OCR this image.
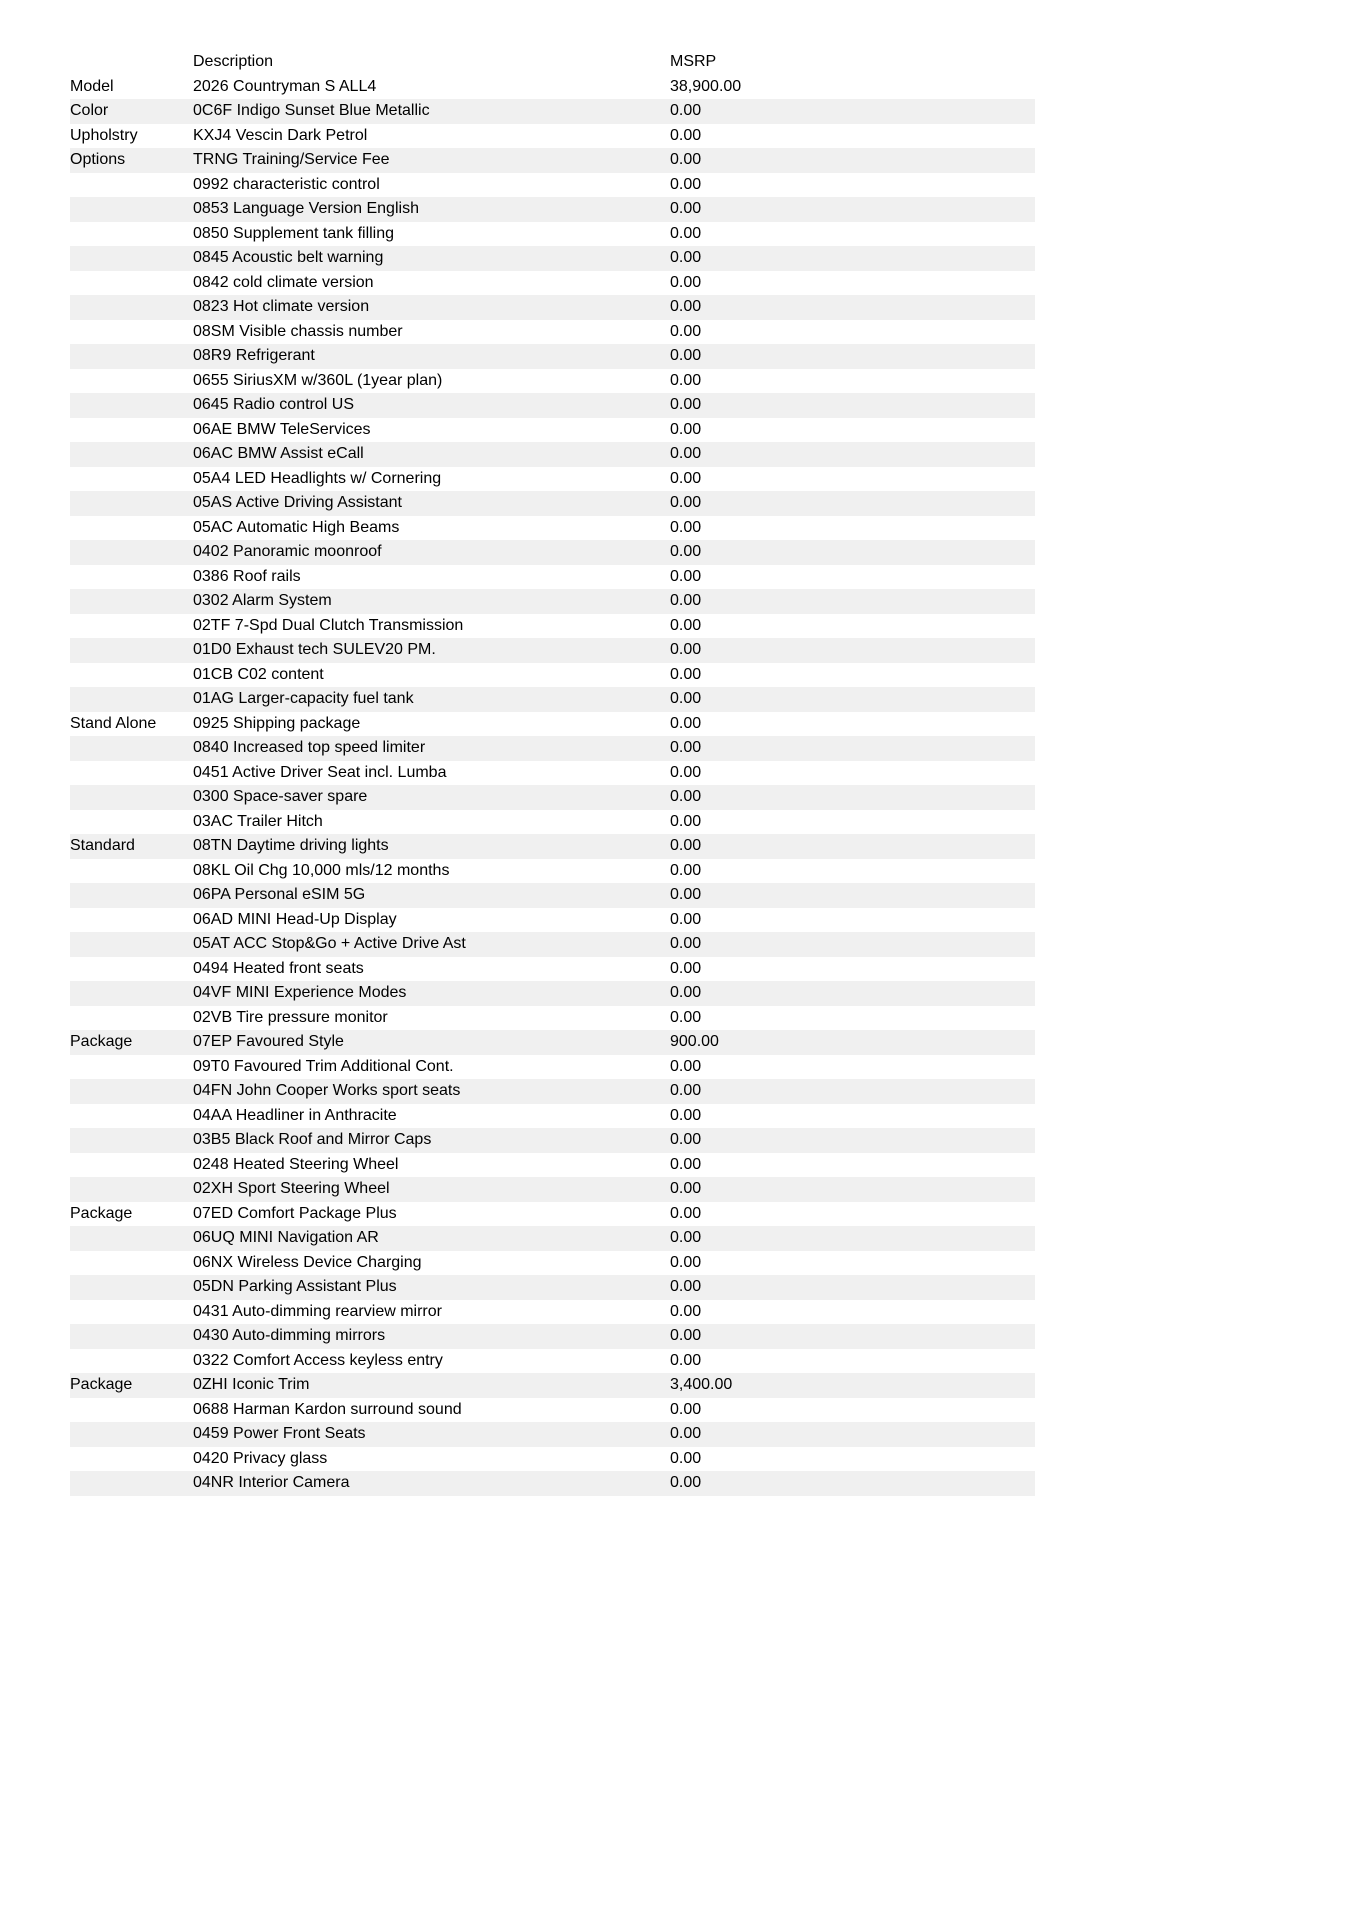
	Description	MSRP	
Model	2026 Countryman S ALL4	38,900.00	
Color	0C6F Indigo Sunset Blue Metallic	0.00	
Upholstry	KXJ4 Vescin Dark Petrol	0.00	
Options	TRNG Training/Service Fee	0.00	
	0992 characteristic control	0.00	
	0853 Language Version English	0.00	
	0850 Supplement tank filling	0.00	
	0845 Acoustic belt warning	0.00	
	0842 cold climate version	0.00	
	0823 Hot climate version	0.00	
	08SM Visible chassis number	0.00	
	08R9 Refrigerant	0.00	
	0655 SiriusXM w/360L (1year plan)	0.00	
	0645 Radio control US	0.00	
	06AE BMW TeleServices	0.00	
	06AC BMW Assist eCall	0.00	
	05A4 LED Headlights w/ Cornering	0.00	
	05AS Active Driving Assistant	0.00	
	05AC Automatic High Beams	0.00	
	0402 Panoramic moonroof	0.00	
	0386 Roof rails	0.00	
	0302 Alarm System	0.00	
	02TF 7-Spd Dual Clutch Transmission	0.00	
	01D0 Exhaust tech SULEV20 PM.	0.00	
	01CB C02 content	0.00	
	01AG Larger-capacity fuel tank	0.00	
Stand Alone	0925 Shipping package	0.00	
	0840 Increased top speed limiter	0.00	
	0451 Active Driver Seat incl. Lumba	0.00	
	0300 Space-saver spare	0.00	
	03AC Trailer Hitch	0.00	
Standard	08TN Daytime driving lights	0.00	
	08KL Oil Chg 10,000 mls/12 months	0.00	
	06PA Personal eSIM 5G	0.00	
	06AD MINI Head-Up Display	0.00	
	05AT ACC Stop&Go + Active Drive Ast	0.00	
	0494 Heated front seats	0.00	
	04VF MINI Experience Modes	0.00	
	02VB Tire pressure monitor	0.00	
Package	07EP Favoured Style	900.00	
	09T0 Favoured Trim Additional Cont.	0.00	
	04FN John Cooper Works sport seats	0.00	
	04AA Headliner in Anthracite	0.00	
	03B5 Black Roof and Mirror Caps	0.00	
	0248 Heated Steering Wheel	0.00	
	02XH Sport Steering Wheel	0.00	
Package	07ED Comfort Package Plus	0.00	
	06UQ MINI Navigation AR	0.00	
	06NX Wireless Device Charging	0.00	
	05DN Parking Assistant Plus	0.00	
	0431 Auto-dimming rearview mirror	0.00	
	0430 Auto-dimming mirrors	0.00	
	0322 Comfort Access keyless entry	0.00	
Package	0ZHI Iconic Trim	3,400.00	
	0688 Harman Kardon surround sound	0.00	
	0459 Power Front Seats	0.00	
	0420 Privacy glass	0.00	
	04NR Interior Camera	0.00	
